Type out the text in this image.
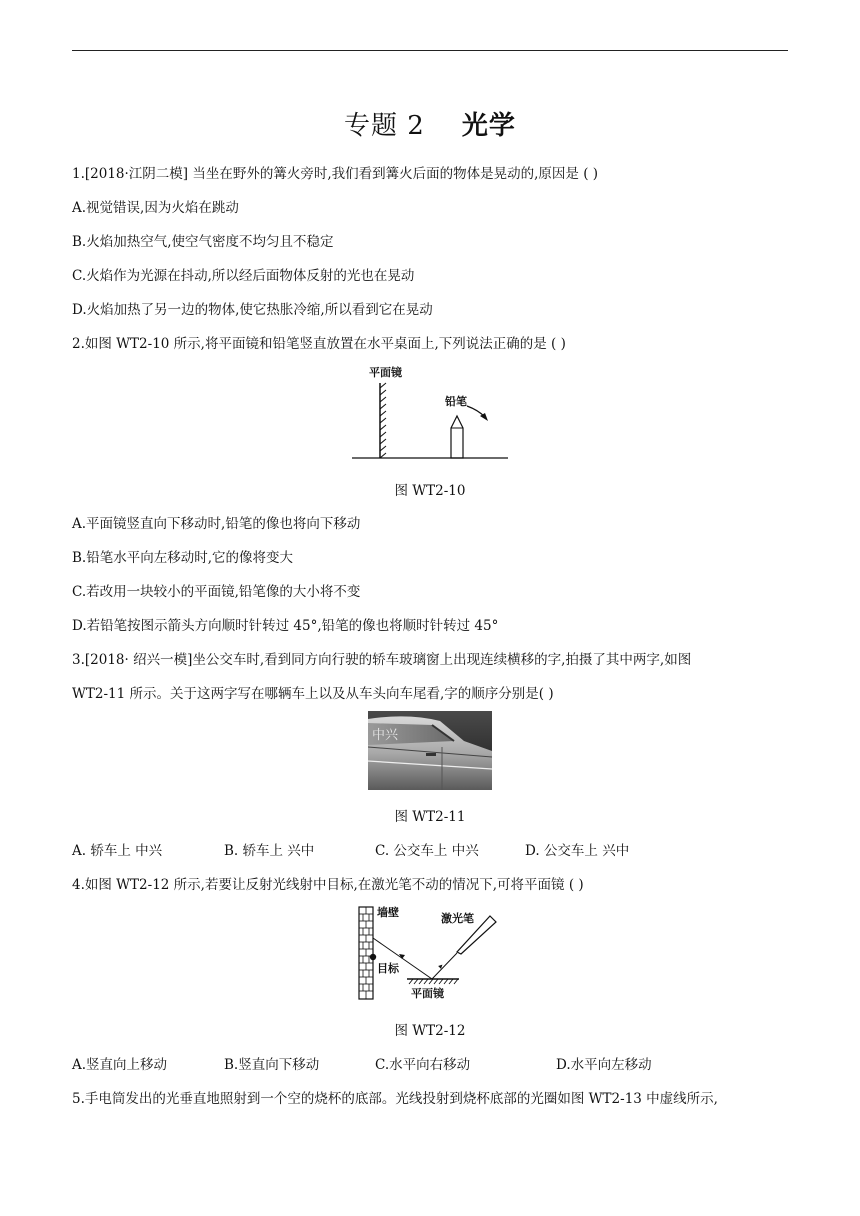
专题 2 光学
1.[2018·江阴二模] 当坐在野外的篝火旁时,我们看到篝火后面的物体是晃动的,原因是 ( )
A.视觉错误,因为火焰在跳动
B.火焰加热空气,使空气密度不均匀且不稳定
C.火焰作为光源在抖动,所以经后面物体反射的光也在晃动
D.火焰加热了另一边的物体,使它热胀冷缩,所以看到它在晃动
2.如图 WT2-10 所示,将平面镜和铅笔竖直放置在水平桌面上,下列说法正确的是 ( )
平面镜
铅笔
图 WT2-10
A.平面镜竖直向下移动时,铅笔的像也将向下移动
B.铅笔水平向左移动时,它的像将变大
C.若改用一块较小的平面镜,铅笔像的大小将不变
D.若铅笔按图示箭头方向顺时针转过 45°,铅笔的像也将顺时针转过 45°
3.[2018· 绍兴一模]坐公交车时,看到同方向行驶的轿车玻璃窗上出现连续横移的字,拍摄了其中两字,如图
WT2-11 所示。关于这两字写在哪辆车上以及从车头向车尾看,字的顺序分别是( )
中兴
图 WT2-11
A. 轿车上 中兴	B. 轿车上 兴中	C. 公交车上 中兴	D. 公交车上 兴中
4.如图 WT2-12 所示,若要让反射光线射中目标,在激光笔不动的情况下,可将平面镜 ( )
墙壁	激光笔
目标
平面镜
图 WT2-12
A.竖直向上移动	B.竖直向下移动	C.水平向右移动	D.水平向左移动
5.手电筒发出的光垂直地照射到一个空的烧杯的底部。光线投射到烧杯底部的光圈如图 WT2-13 中虚线所示,
